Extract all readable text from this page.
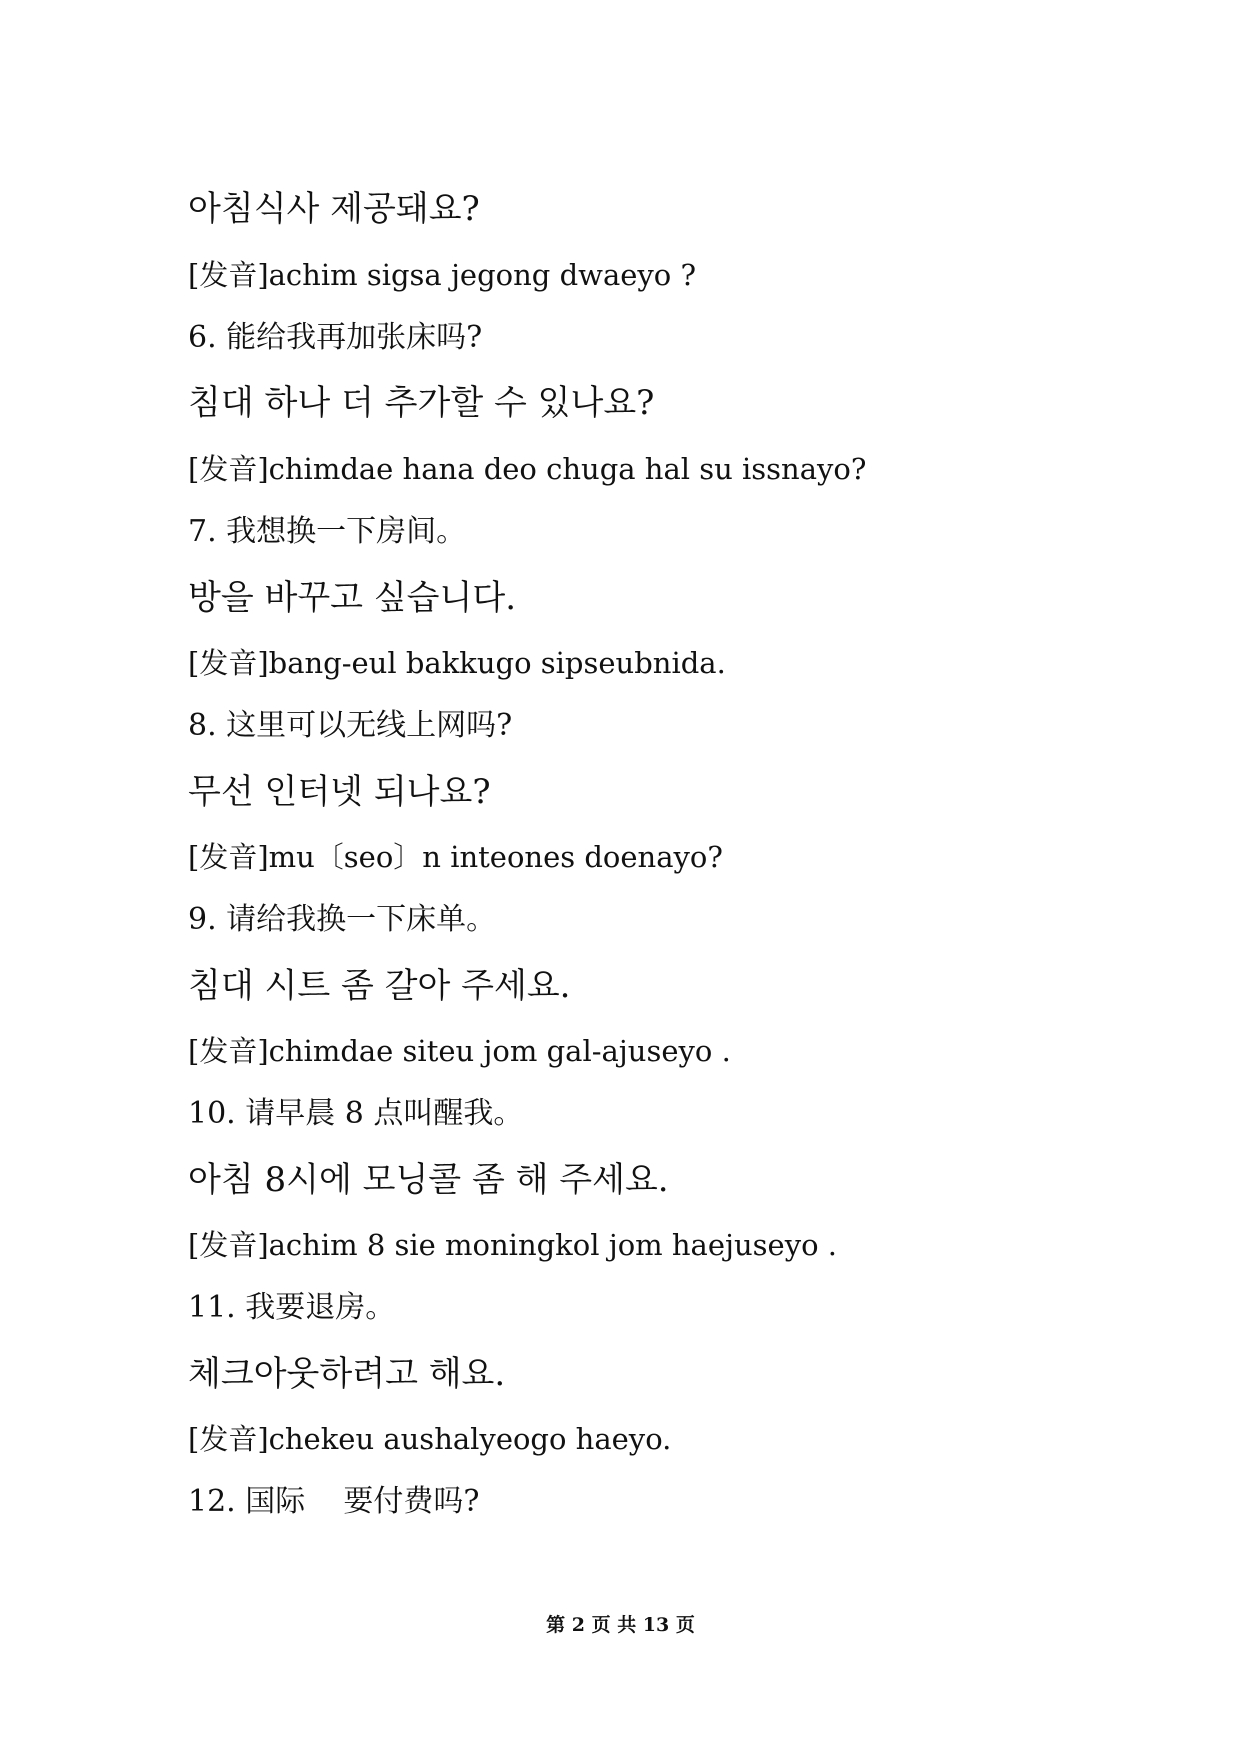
아침식사 제공돼요?
[发音]achim sigsa jegong dwaeyo ?
6. 能给我再加张床吗?
침대 하나 더 추가할 수 있나요?
[发音]chimdae hana deo chuga hal su issnayo?
7. 我想换一下房间。
방을 바꾸고 싶습니다.
[发音]bang-eul bakkugo sipseubnida.
8. 这里可以无线上网吗?
무선 인터넷 되나요?
[发音]mu〔seo〕n inteones doenayo?
9. 请给我换一下床单。
침대 시트 좀 갈아 주세요.
[发音]chimdae siteu jom gal-ajuseyo .
10. 请早晨 8 点叫醒我。
아침 8시에 모닝콜 좀 해 주세요.
[发音]achim 8 sie moningkol jom haejuseyo .
11. 我要退房。
체크아웃하려고 해요.
[发音]chekeu aushalyeogo haeyo.
12. 国际    要付费吗?
第 2 页 共 13 页
